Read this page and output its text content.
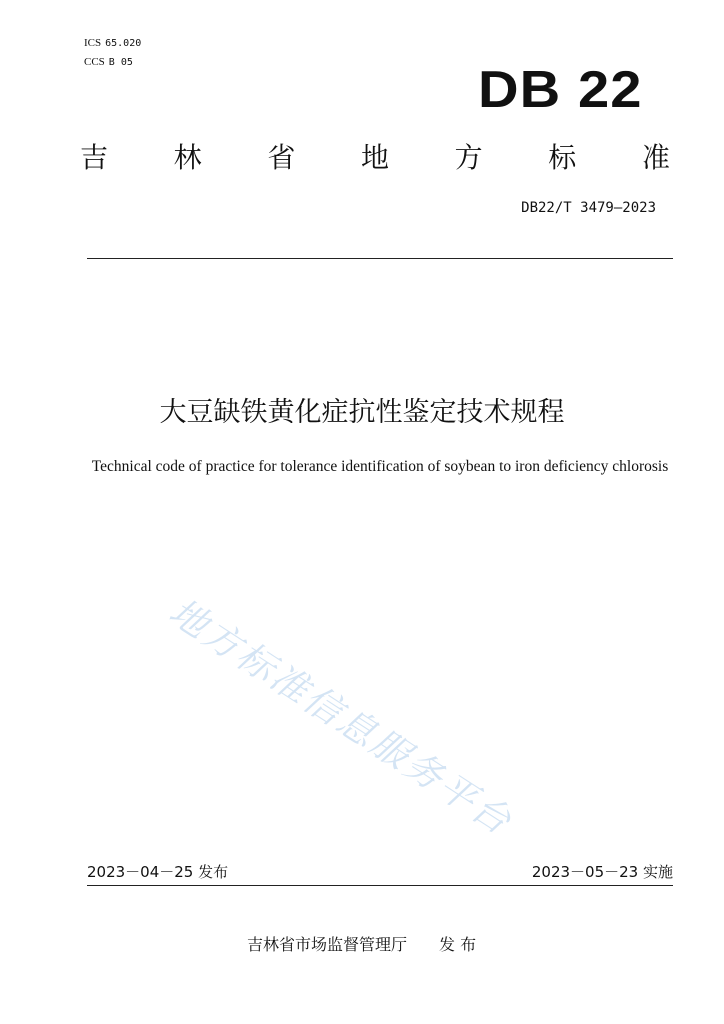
ICS 65.020
CCS B 05	DB 22
吉 林 省 地 方 标 准
DB22/T 3479—2023
大豆缺铁黄化症抗性鉴定技术规程
Technical code of practice for tolerance identification of soybean to iron deficiency chlorosis
地方标准信息服务平台
2023－04－25 发布	2023－05－23 实施
吉林省市场监督管理厅 发 布
